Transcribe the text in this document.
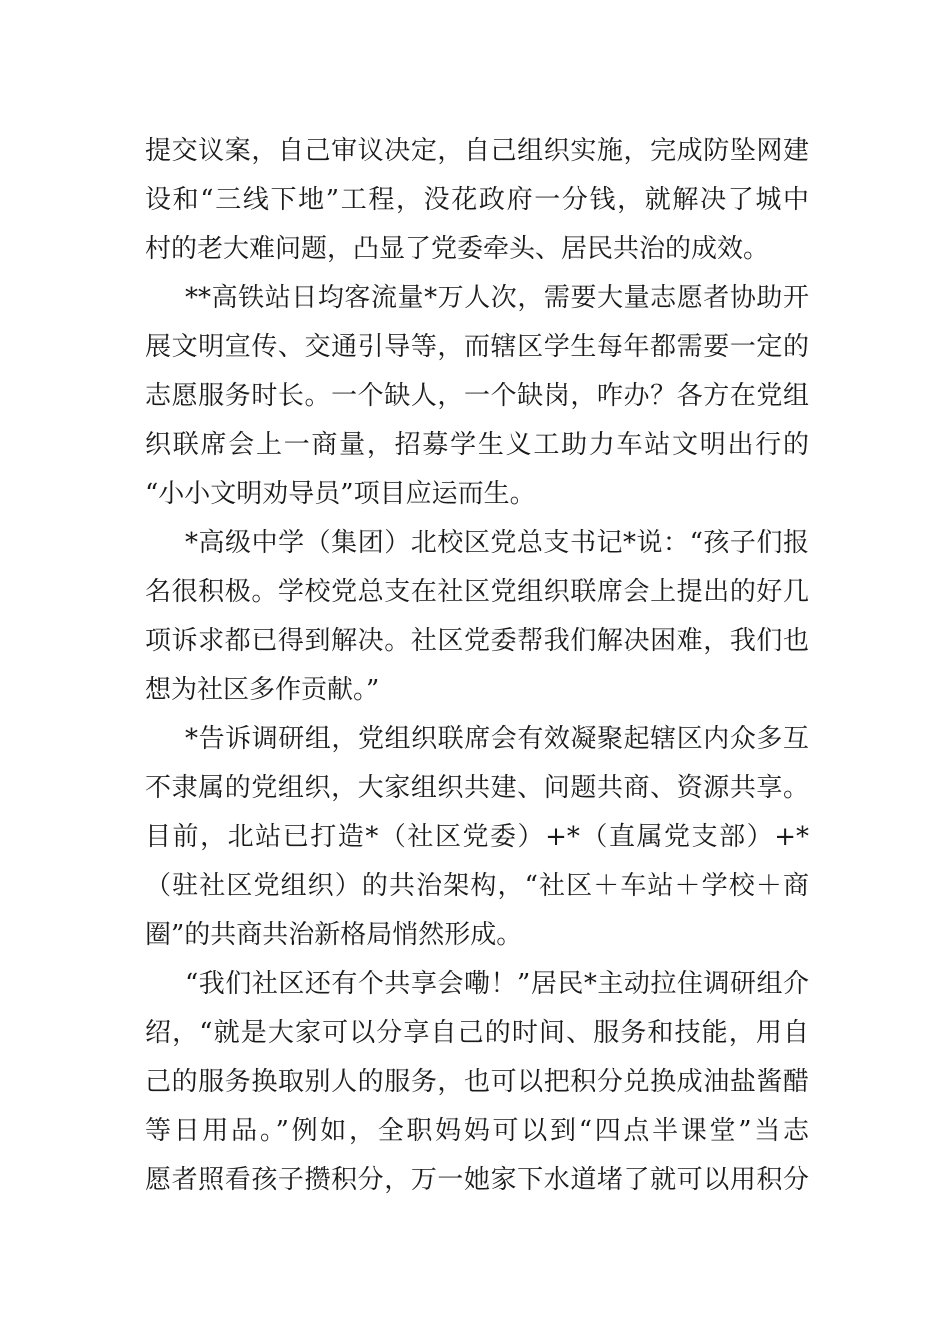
提交议案，自己审议决定，自己组织实施，完成防坠网建
设和“三线下地”工程，没花政府一分钱，就解决了城中
村的老大难问题，凸显了党委牵头、居民共治的成效。

**高铁站日均客流量*万人次，需要大量志愿者协助开
展文明宣传、交通引导等，而辖区学生每年都需要一定的
志愿服务时长。一个缺人，一个缺岗，咋办？各方在党组
织联席会上一商量，招募学生义工助力车站文明出行的
“小小文明劝导员”项目应运而生。

*高级中学（集团）北校区党总支书记*说：“孩子们报
名很积极。学校党总支在社区党组织联席会上提出的好几
项诉求都已得到解决。社区党委帮我们解决困难，我们也
想为社区多作贡献。”

*告诉调研组，党组织联席会有效凝聚起辖区内众多互
不隶属的党组织，大家组织共建、问题共商、资源共享。
目前，北站已打造*（社区党委）+*（直属党支部）+*
（驻社区党组织）的共治架构，“社区＋车站＋学校＋商
圈”的共商共治新格局悄然形成。

“我们社区还有个共享会嘞！”居民*主动拉住调研组介
绍，“就是大家可以分享自己的时间、服务和技能，用自
己的服务换取别人的服务，也可以把积分兑换成油盐酱醋
等日用品。”例如，全职妈妈可以到“四点半课堂”当志
愿者照看孩子攒积分，万一她家下水道堵了就可以用积分
